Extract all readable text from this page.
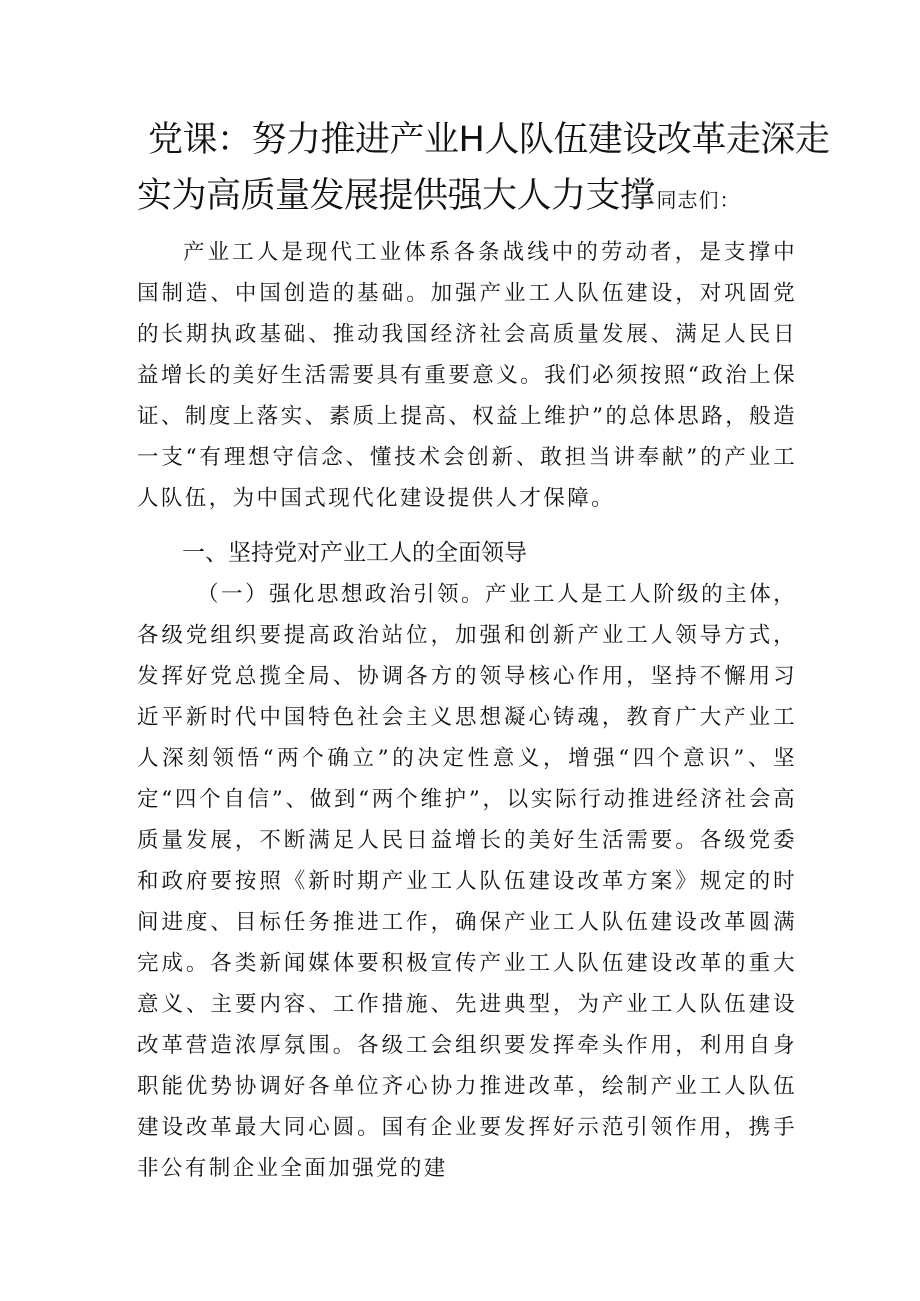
党课：努力推进产业H人队伍建设改革走深走
实为高质量发展提供强大人力支撑 同志们：

产业工人是现代工业体系各条战线中的劳动者，是支撑中国制造、中国创造的基础。加强产业工人队伍建设，对巩固党的长期执政基础、推动我国经济社会高质量发展、满足人民日益增长的美好生活需要具有重要意义。我们必须按照“政治上保证、制度上落实、素质上提高、权益上维护”的总体思路，般造一支“有理想守信念、懂技术会创新、敢担当讲奉献”的产业工人队伍，为中国式现代化建设提供人才保障。

一、坚持党对产业工人的全面领导

（一）强化思想政治引领。产业工人是工人阶级的主体，各级党组织要提高政治站位，加强和创新产业工人领导方式，发挥好党总揽全局、协调各方的领导核心作用，坚持不懈用习近平新时代中国特色社会主义思想凝心铸魂，教育广大产业工人深刻领悟“两个确立”的决定性意义，增强“四个意识”、坚定“四个自信”、做到“两个维护”，以实际行动推进经济社会高质量发展，不断满足人民日益增长的美好生活需要。各级党委和政府要按照《新时期产业工人队伍建设改革方案》规定的时间进度、目标任务推进工作，确保产业工人队伍建设改革圆满完成。各类新闻媒体要积极宣传产业工人队伍建设改革的重大意义、主要内容、工作措施、先进典型，为产业工人队伍建设改革营造浓厚氛围。各级工会组织要发挥牵头作用，利用自身职能优势协调好各单位齐心协力推进改革，绘制产业工人队伍建设改革最大同心圆。国有企业要发挥好示范引领作用，携手非公有制企业全面加强党的建
